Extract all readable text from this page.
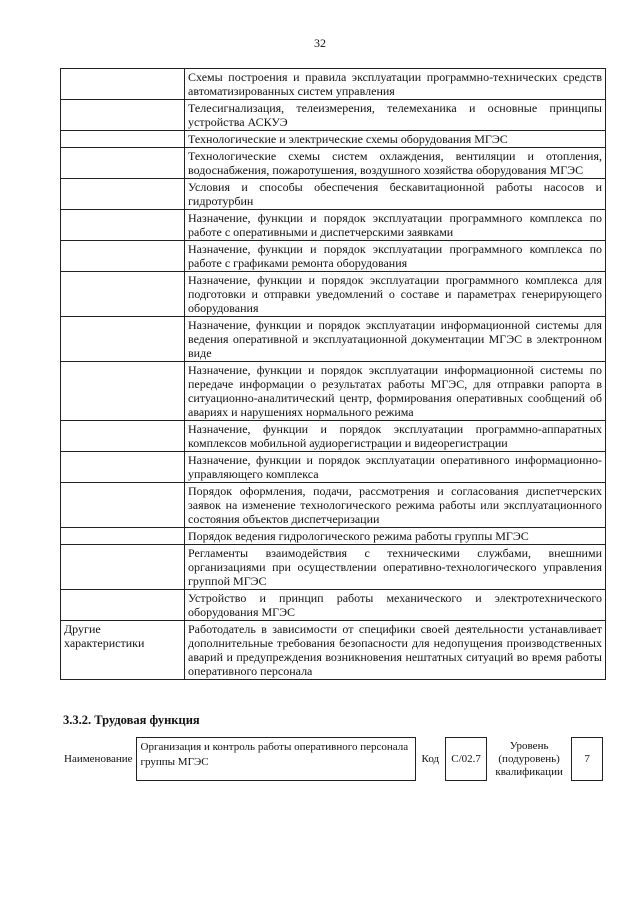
32
	Схемы построения и правила эксплуатации программно-технических средств автоматизированных систем управления
	Телесигнализация, телеизмерения, телемеханика и основные принципы устройства АСКУЭ
	Технологические и электрические схемы оборудования МГЭС
	Технологические схемы систем охлаждения, вентиляции и отопления, водоснабжения, пожаротушения, воздушного хозяйства оборудования МГЭС
	Условия и способы обеспечения бескавитационной работы насосов и гидротурбин
	Назначение, функции и порядок эксплуатации программного комплекса по работе с оперативными и диспетчерскими заявками
	Назначение, функции и порядок эксплуатации программного комплекса по работе с графиками ремонта оборудования
	Назначение, функции и порядок эксплуатации программного комплекса для подготовки и отправки уведомлений о составе и параметрах генерирующего оборудования
	Назначение, функции и порядок эксплуатации информационной системы для ведения оперативной и эксплуатационной документации МГЭС в электронном виде
	Назначение, функции и порядок эксплуатации информационной системы по передаче информации о результатах работы МГЭС, для отправки рапорта в ситуационно-аналитический центр, формирования оперативных сообщений об авариях и нарушениях нормального режима
	Назначение, функции и порядок эксплуатации программно-аппаратных комплексов мобильной аудиорегистрации и видеорегистрации
	Назначение, функции и порядок эксплуатации оперативного информационно-управляющего комплекса
	Порядок оформления, подачи, рассмотрения и согласования диспетчерских заявок на изменение технологического режима работы или эксплуатационного состояния объектов диспетчеризации
	Порядок ведения гидрологического режима работы группы МГЭС
	Регламенты взаимодействия с техническими службами, внешними организациями при осуществлении оперативно-технологического управления группой МГЭС
	Устройство и принцип работы механического и электротехнического оборудования МГЭС
Другие характеристики	Работодатель в зависимости от специфики своей деятельности устанавливает дополнительные требования безопасности для недопущения производственных аварий и предупреждения возникновения нештатных ситуаций во время работы оперативного персонала
3.3.2. Трудовая функция
Наименование	Организация и контроль работы оперативного персонала группы МГЭС	Код	C/02.7	Уровень (подуровень) квалификации	7
